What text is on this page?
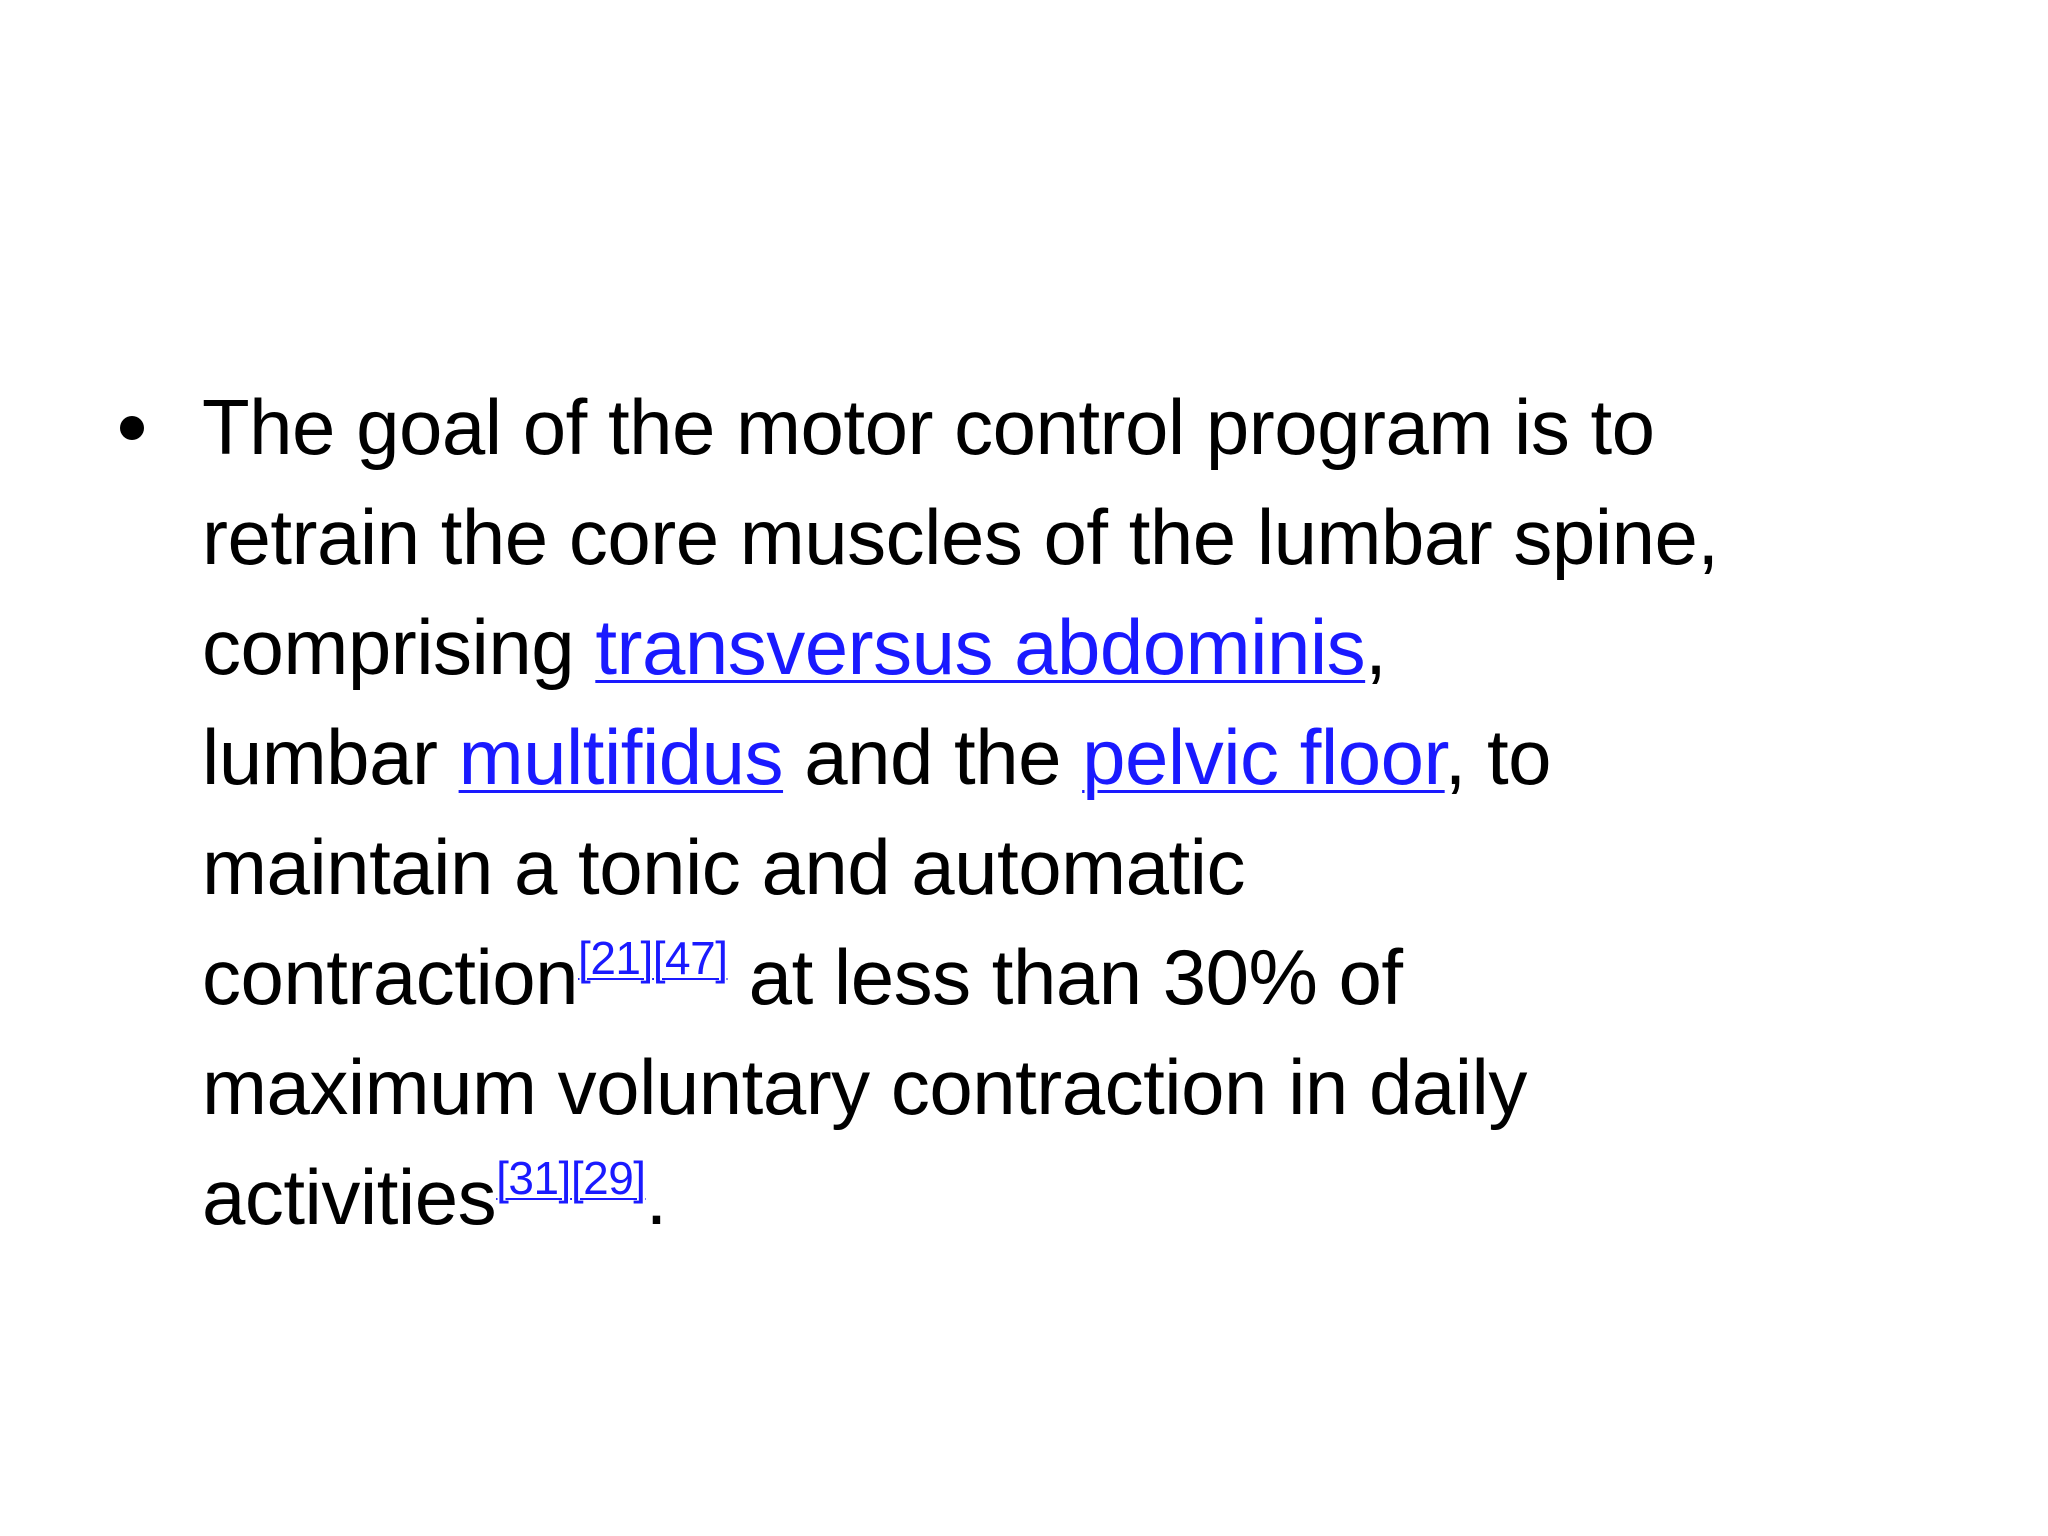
The goal of the motor control program is to
retrain the core muscles of the lumbar spine,
comprising transversus abdominis,
lumbar multifidus and the pelvic floor, to
maintain a tonic and automatic
contraction[21][47] at less than 30% of
maximum voluntary contraction in daily
activities[31][29].
